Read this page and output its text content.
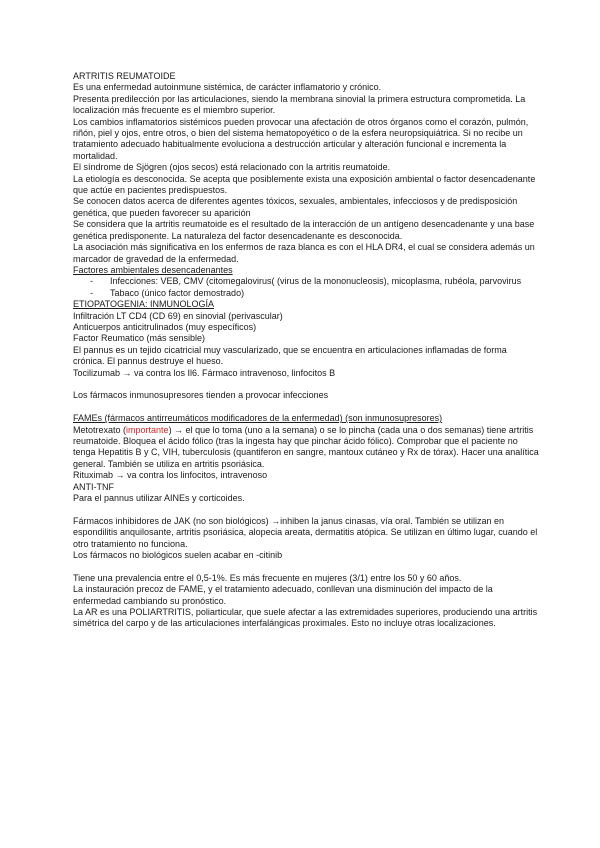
ARTRITIS REUMATOIDE

Es una enfermedad autoinmune sistémica, de carácter inflamatorio y crónico.

Presenta predilección por las articulaciones, siendo la membrana sinovial la primera estructura comprometida. La localización más frecuente es el miembro superior.

Los cambios inflamatorios sistémicos pueden provocar una afectación de otros órganos como el corazón, pulmón, riñón, piel y ojos, entre otros, o bien del sistema hematopoyético o de la esfera neuropsiquiátrica. Si no recibe un tratamiento adecuado habitualmente evoluciona a destrucción articular y alteración funcional e incrementa la mortalidad.

El síndrome de Sjögren (ojos secos) está relacionado con la artritis reumatoide.

La etiología es desconocida. Se acepta que posiblemente exista una exposición ambiental o factor desencadenante que actúe en pacientes predispuestos.

Se conocen datos acerca de diferentes agentes tóxicos, sexuales, ambientales, infecciosos y de predisposición genética, que pueden favorecer su aparición

Se considera que la artritis reumatoide es el resultado de la interacción de un antígeno desencadenante y una base genética predisponente. La naturaleza del factor desencadenante es desconocida.

La asociación más significativa en los enfermos de raza blanca es con el HLA DR4, el cual se considera además un marcador de gravedad de la enfermedad.

Factores ambientales desencadenantes

- Infecciones: VEB, CMV (citomegalovirus( (virus de la mononucleosis), micoplasma, rubéola, parvovirus
- Tabaco (único factor demostrado)

ETIOPATOGENIA: INMUNOLOGÍA

Infiltración LT CD4 (CD 69) en sinovial (perivascular)

Anticuerpos anticitrulinados (muy específicos)

Factor Reumatico (más sensible)

El pannus es un tejido cicatricial muy vascularizado, que se encuentra en articulaciones inflamadas de forma crónica. El pannus destruye el hueso.

Tocilizumab → va contra los Il6. Fármaco intravenoso, linfocitos B

Los fármacos inmunosupresores tienden a provocar infecciones

FAMEs (fármacos antirreumáticos modificadores de la enfermedad) (son inmunosupresores)

Metotrexato (importante) → el que lo toma (uno a la semana) o se lo pincha (cada una o dos semanas) tiene artritis reumatoide. Bloquea el ácido fólico (tras la ingesta hay que pinchar ácido fólico). Comprobar que el paciente no tenga Hepatitis B y C, VIH, tuberculosis (quantiferon en sangre, mantoux cutáneo y Rx de tórax). Hacer una analítica general. También se utiliza en artritis psoriásica.

Rituximab → va contra los linfocitos, intravenoso

ANTI-TNF

Para el pannus utilizar AINEs y corticoides.

Fármacos inhibidores de JAK (no son biológicos) →inhiben la janus cinasas, vía oral. También se utilizan en espondilitis anquilosante, artritis psoriásica, alopecia areata, dermatitis atópica. Se utilizan en último lugar, cuando el otro tratamiento no funciona.

Los fármacos no biológicos suelen acabar en -citinib

Tiene una prevalencia entre el 0,5-1%. Es más frecuente en mujeres (3/1) entre los 50 y 60 años.

La instauración precoz de FAME, y el tratamiento adecuado, conllevan una disminución del impacto de la enfermedad cambiando su pronóstico.

La AR es una POLIARTRITIS, poliarticular, que suele afectar a las extremidades superiores, produciendo una artritis simétrica del carpo y de las articulaciones interfalángicas proximales. Esto no incluye otras localizaciones.
